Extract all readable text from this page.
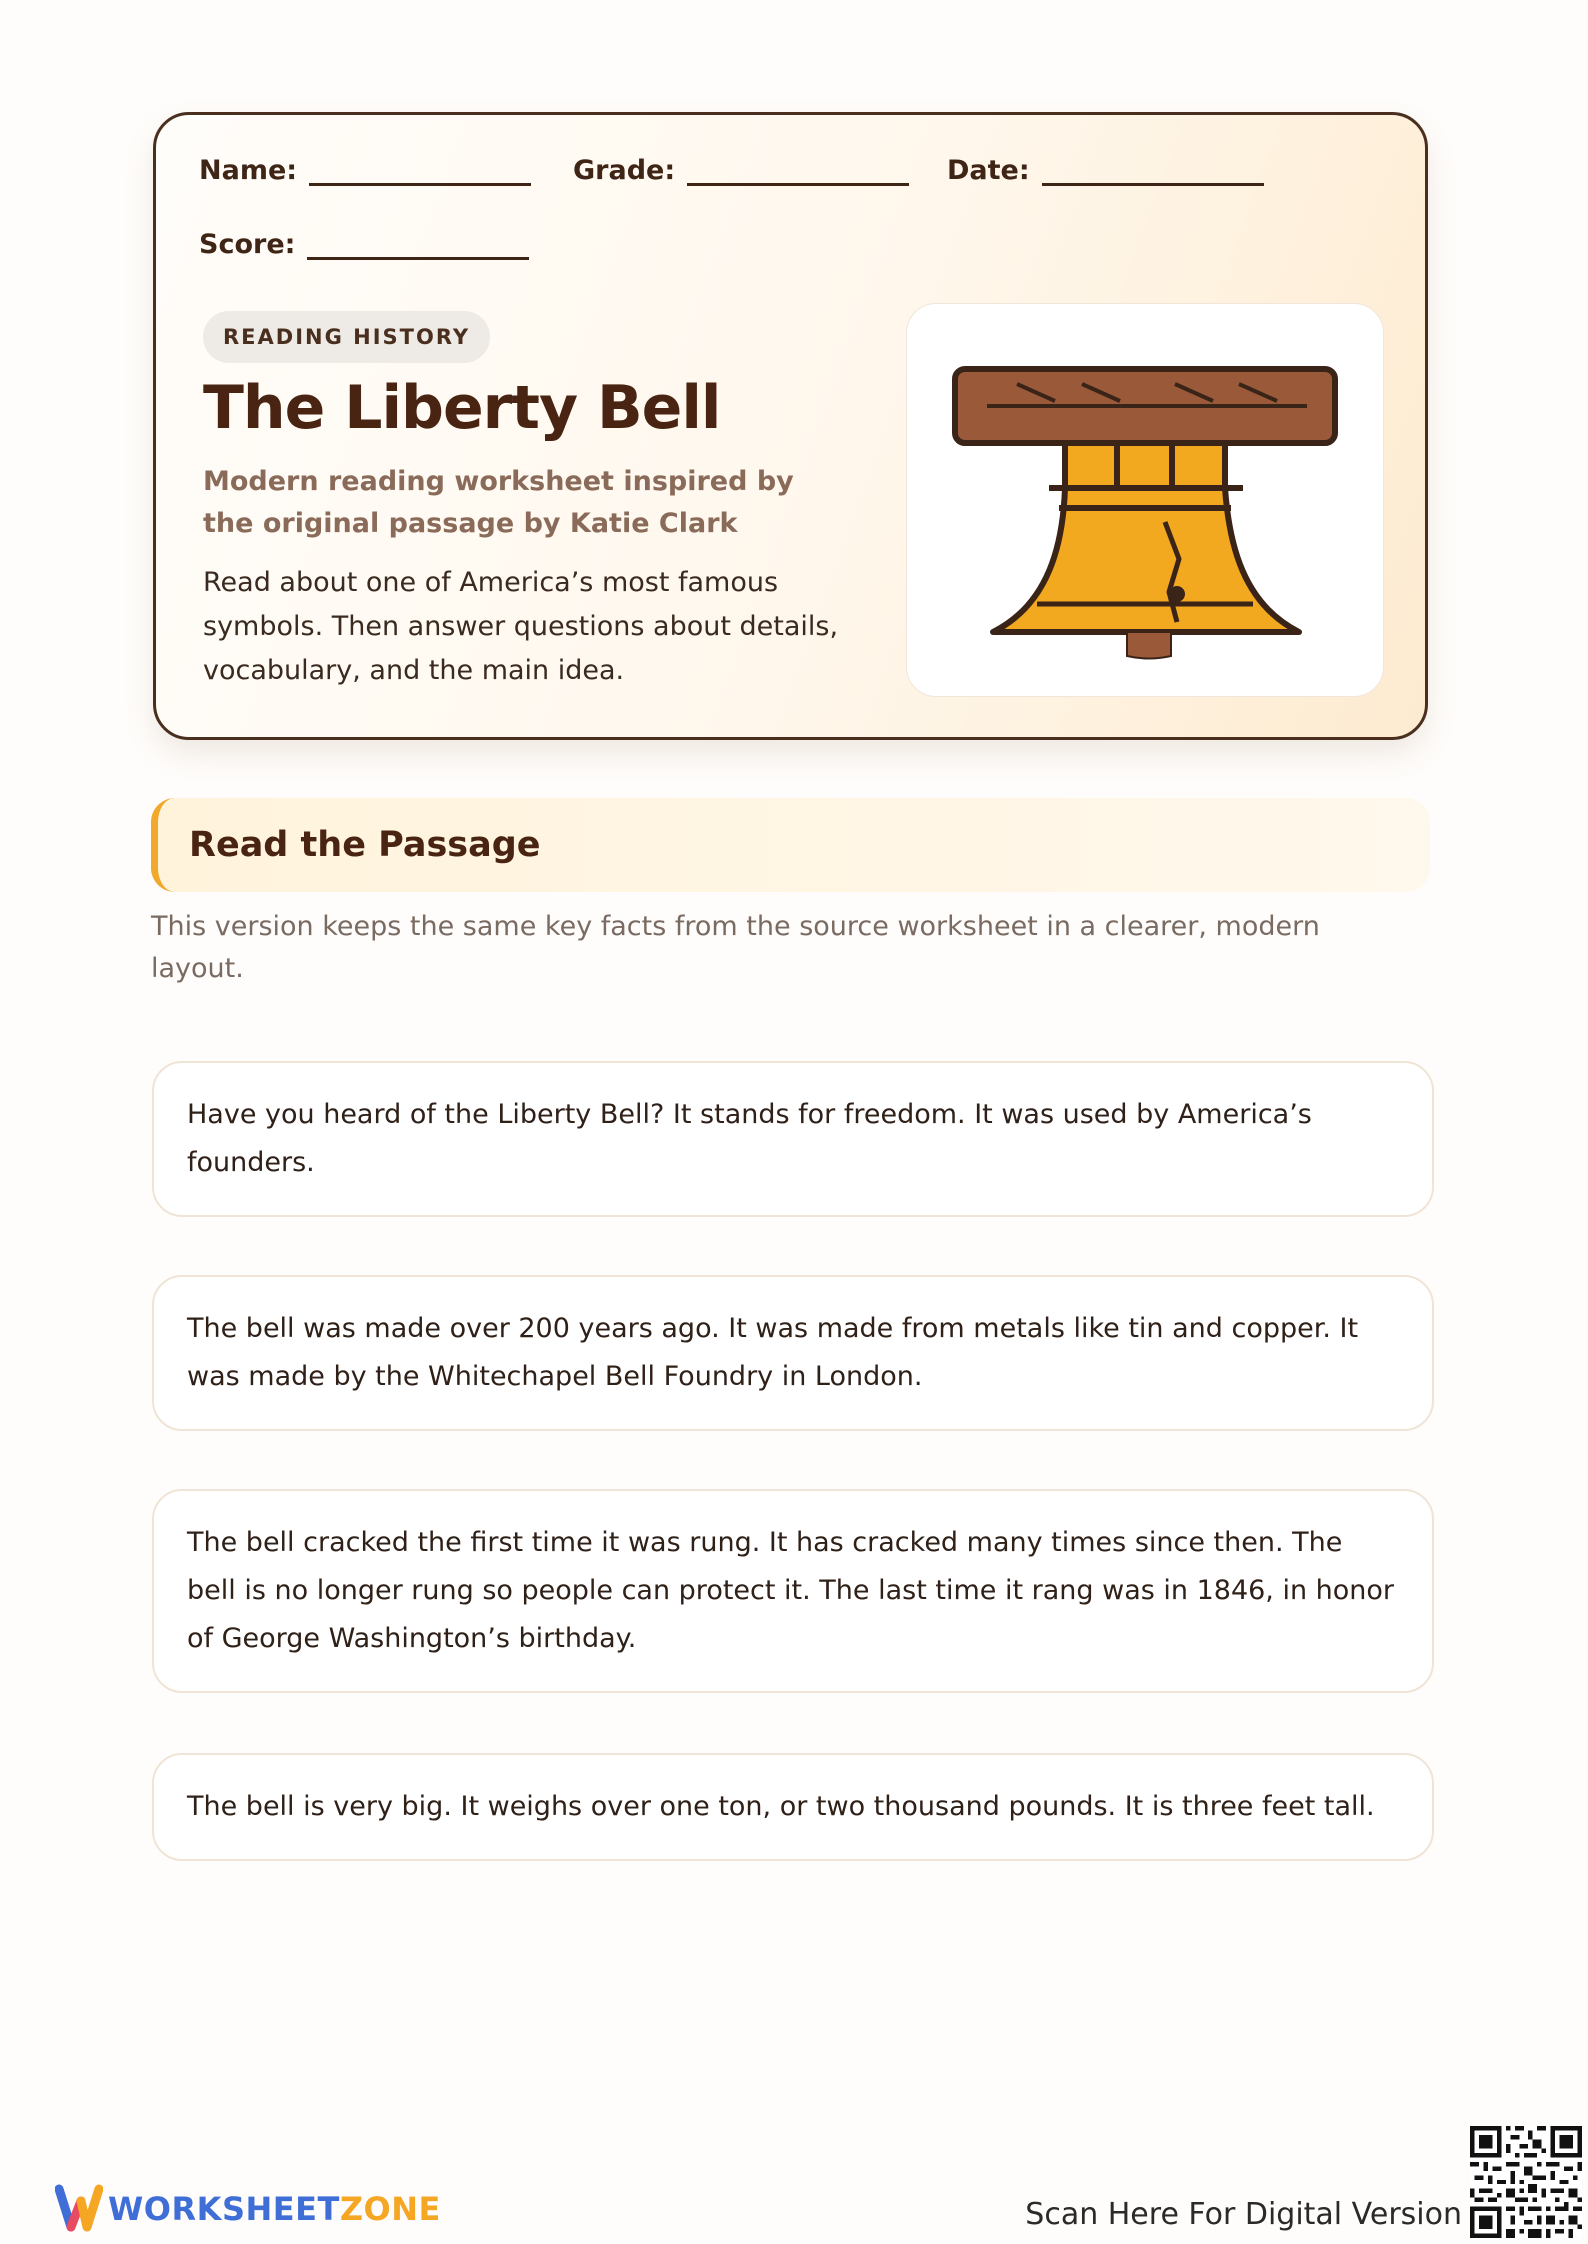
Name:	Grade:	Date:
Score:
READING HISTORY
The Liberty Bell

Modern reading worksheet inspired by the original passage by Katie Clark

Read about one of America’s most famous symbols. Then answer questions about details, vocabulary, and the main idea.

Read the Passage

This version keeps the same key facts from the source worksheet in a clearer, modern layout.

Have you heard of the Liberty Bell? It stands for freedom. It was used by America’s founders.
The bell was made over 200 years ago. It was made from metals like tin and copper. It was made by the Whitechapel Bell Foundry in London.
The bell cracked the first time it was rung. It has cracked many times since then. The bell is no longer rung so people can protect it. The last time it rang was in 1846, in honor of George Washington’s birthday.
The bell is very big. It weighs over one ton, or two thousand pounds. It is three feet tall.
WORKSHEETZONE	Scan Here For Digital Version
